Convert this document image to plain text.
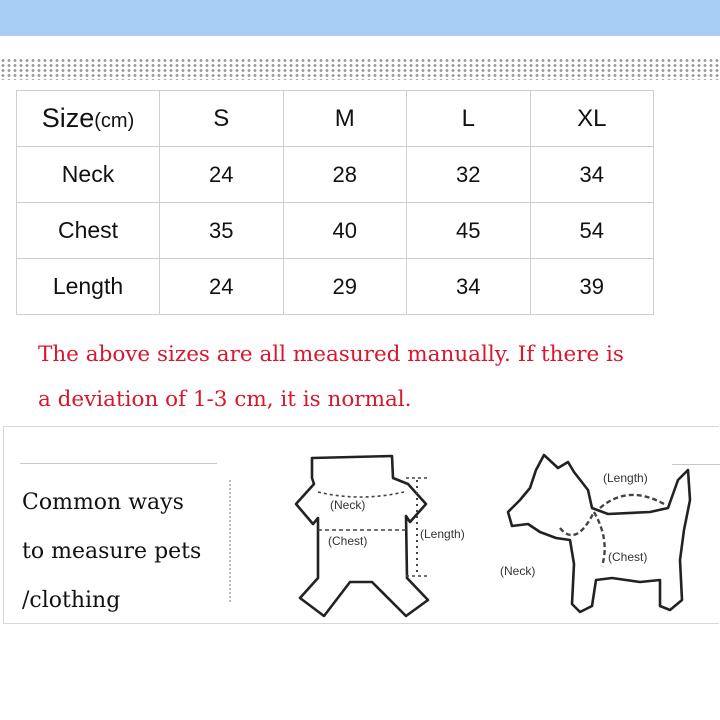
Size(cm)	S	M	L	XL
Neck	24	28	32	34
Chest	35	40	45	54
Length	24	29	34	39
The above sizes are all measured manually. If there is
a deviation of 1-3 cm, it is normal.
Common ways
to measure pets
/clothing
(Neck)
(Chest)	(Length)
(Length)
(Chest)
(Neck)
